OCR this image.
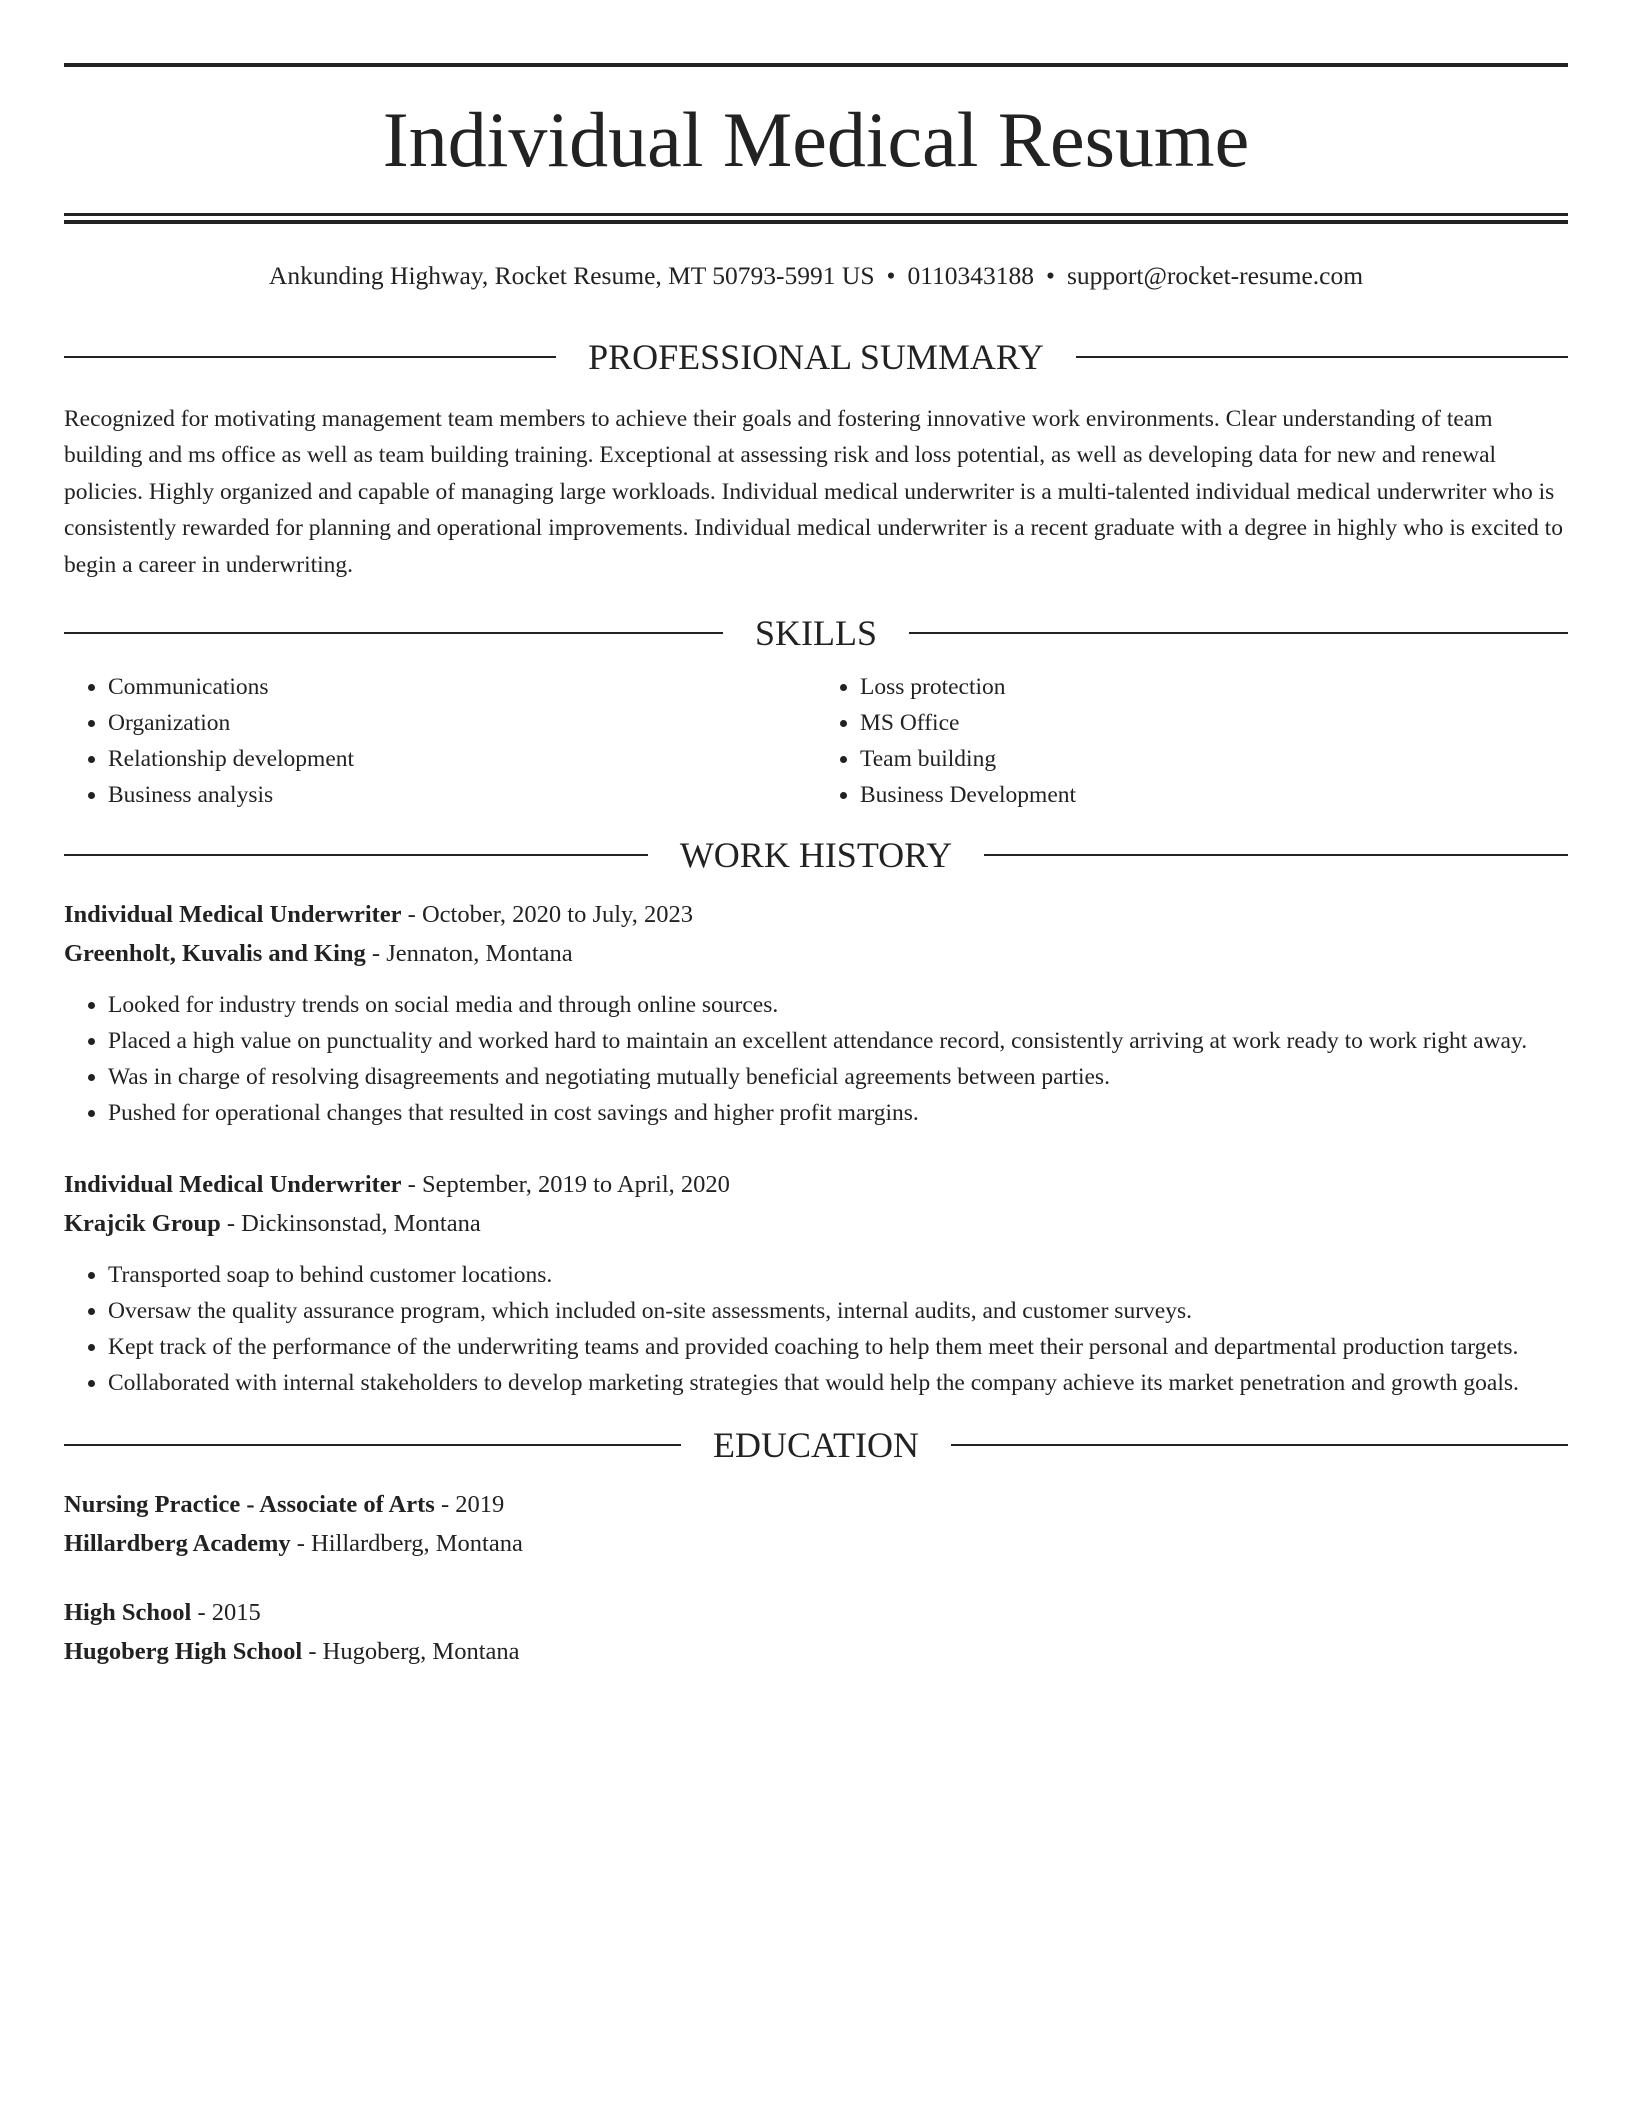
Individual Medical Resume
Ankunding Highway, Rocket Resume, MT 50793-5991 US • 0110343188 • support@rocket-resume.com
PROFESSIONAL SUMMARY
Recognized for motivating management team members to achieve their goals and fostering innovative work environments. Clear understanding of team building and ms office as well as team building training. Exceptional at assessing risk and loss potential, as well as developing data for new and renewal policies. Highly organized and capable of managing large workloads. Individual medical underwriter is a multi-talented individual medical underwriter who is consistently rewarded for planning and operational improvements. Individual medical underwriter is a recent graduate with a degree in highly who is excited to begin a career in underwriting.
SKILLS
• Communications
• Organization
• Relationship development
• Business analysis
• Loss protection
• MS Office
• Team building
• Business Development
WORK HISTORY
Individual Medical Underwriter - October, 2020 to July, 2023
Greenholt, Kuvalis and King - Jennaton, Montana
• Looked for industry trends on social media and through online sources.
• Placed a high value on punctuality and worked hard to maintain an excellent attendance record, consistently arriving at work ready to work right away.
• Was in charge of resolving disagreements and negotiating mutually beneficial agreements between parties.
• Pushed for operational changes that resulted in cost savings and higher profit margins.
Individual Medical Underwriter - September, 2019 to April, 2020
Krajcik Group - Dickinsonstad, Montana
• Transported soap to behind customer locations.
• Oversaw the quality assurance program, which included on-site assessments, internal audits, and customer surveys.
• Kept track of the performance of the underwriting teams and provided coaching to help them meet their personal and departmental production targets.
• Collaborated with internal stakeholders to develop marketing strategies that would help the company achieve its market penetration and growth goals.
EDUCATION
Nursing Practice - Associate of Arts - 2019
Hillardberg Academy - Hillardberg, Montana
High School - 2015
Hugoberg High School - Hugoberg, Montana
